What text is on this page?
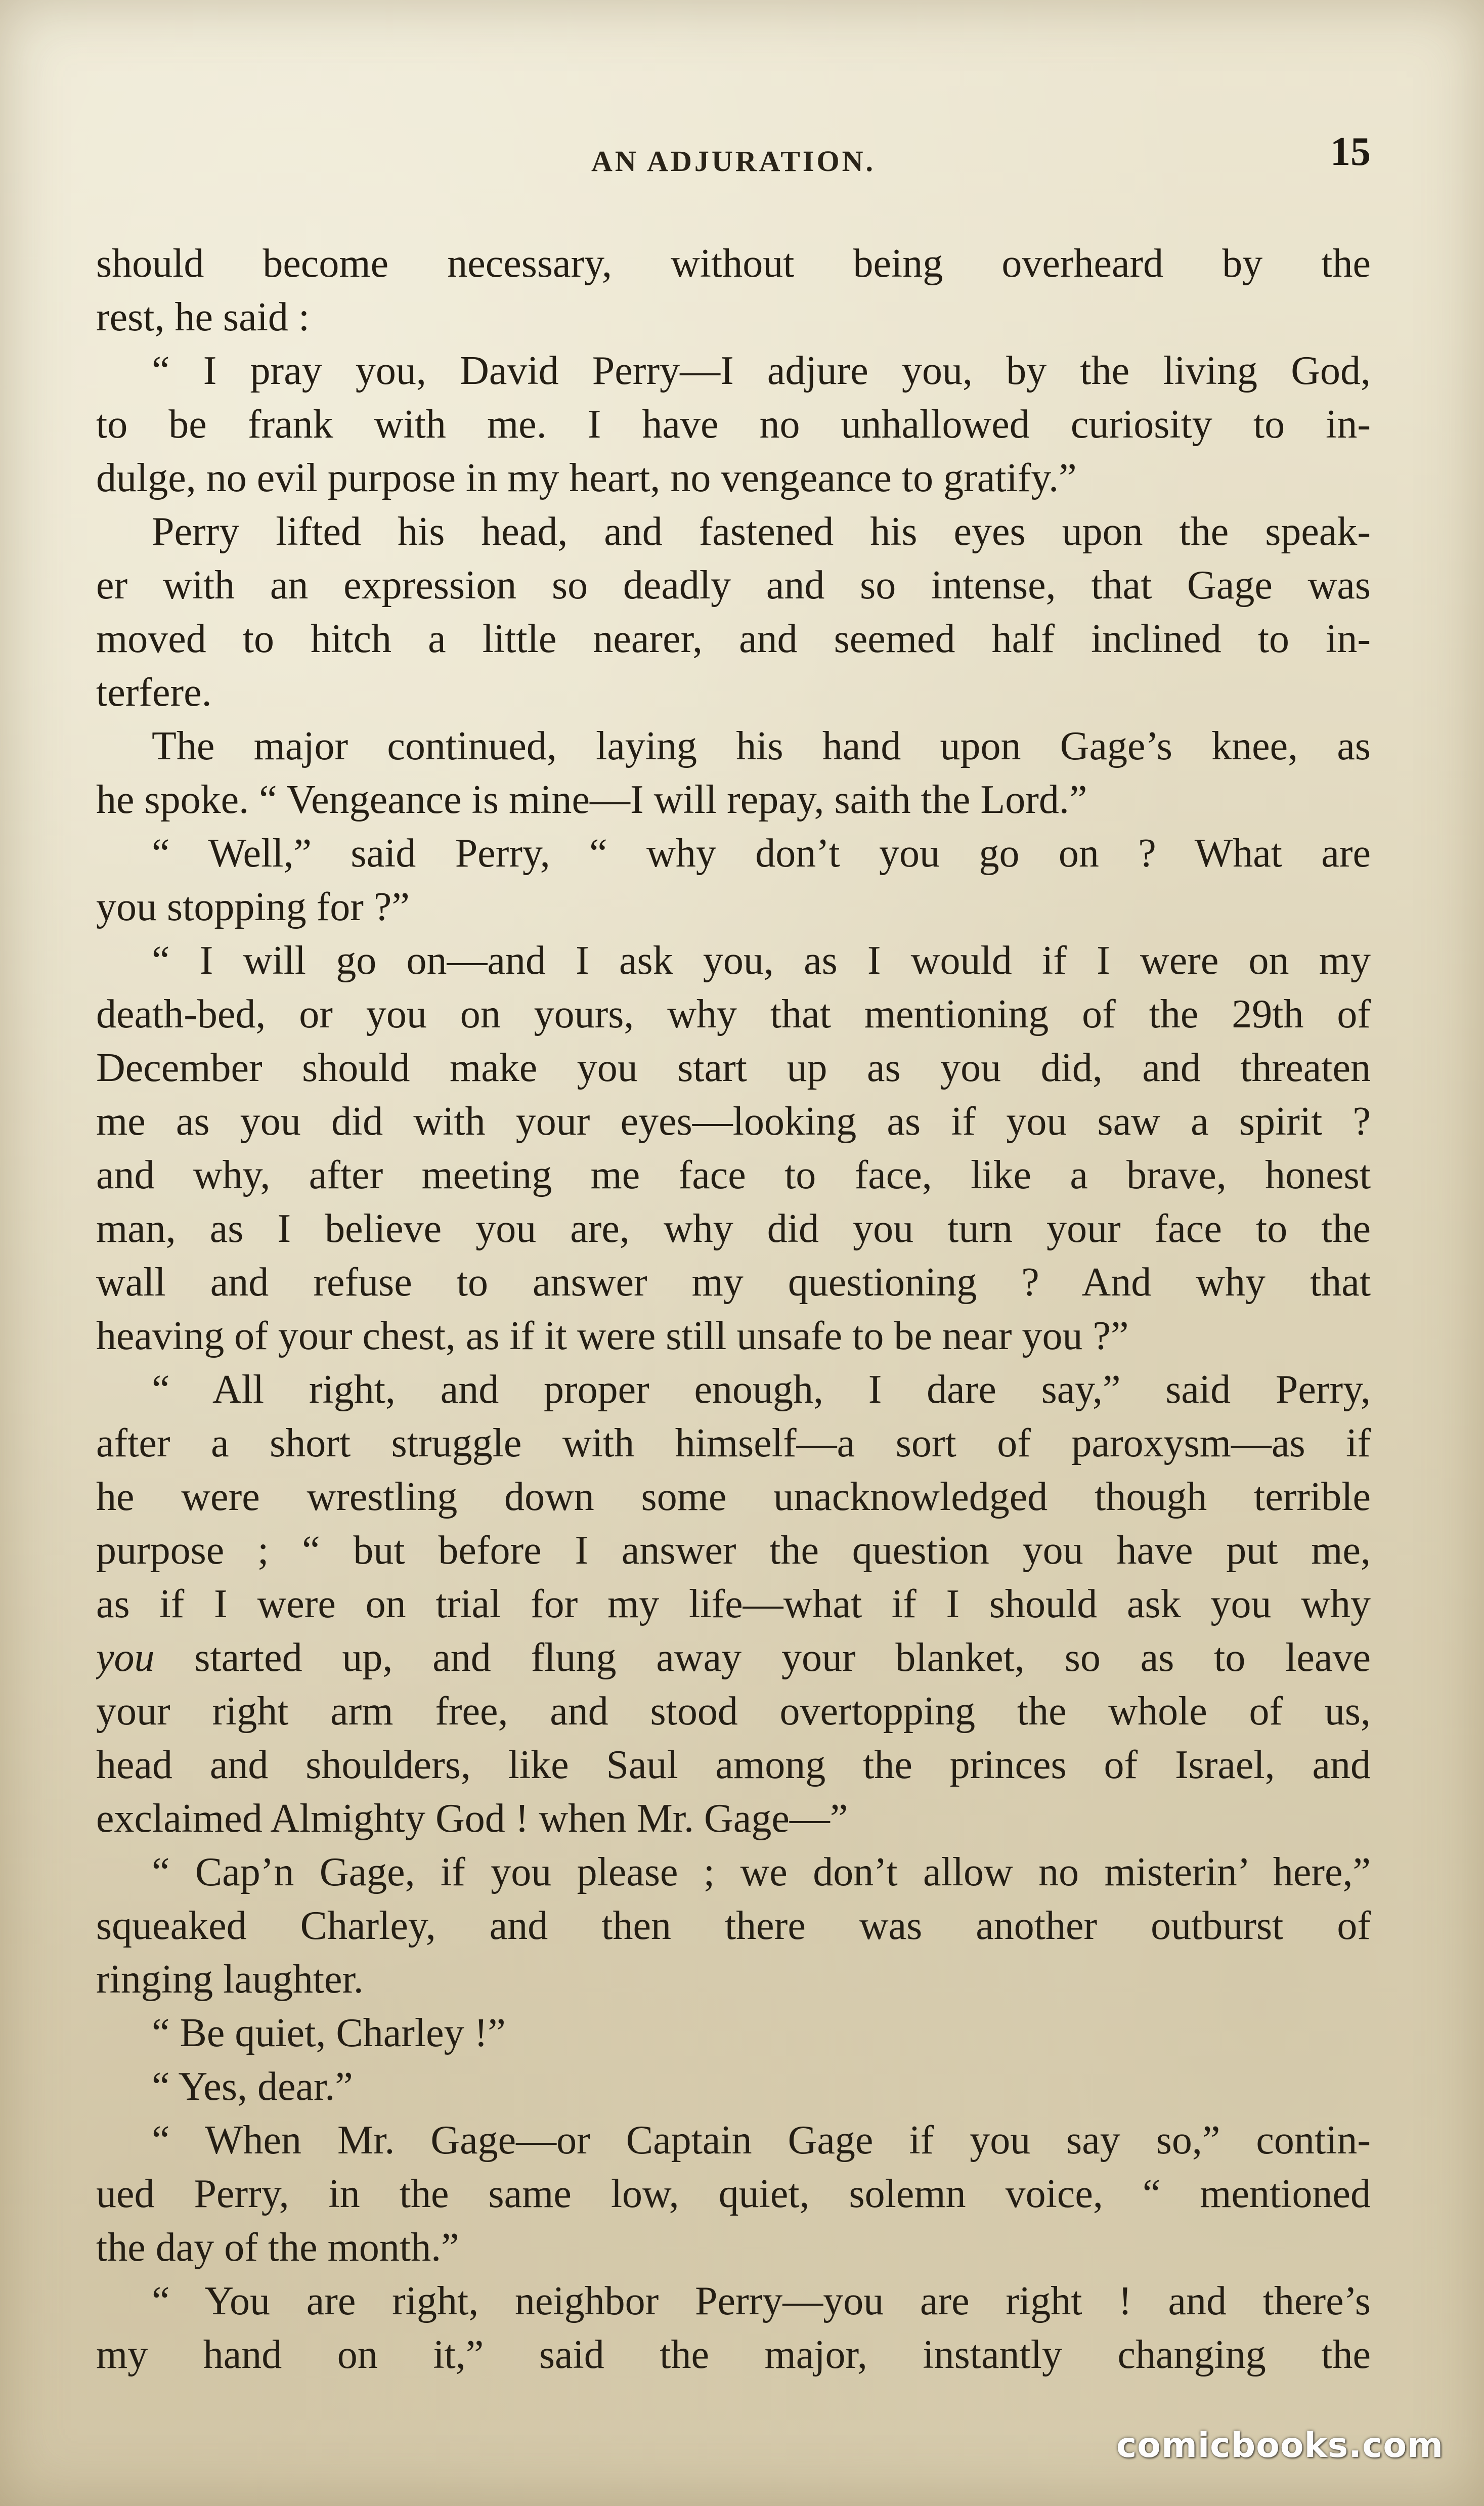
AN ADJURATION.	15
should become necessary, without being overheard by the
rest, he said :
“ I pray you, David Perry—I adjure you, by the living God,
to be frank with me. I have no unhallowed curiosity to in-
dulge, no evil purpose in my heart, no vengeance to gratify.”
Perry lifted his head, and fastened his eyes upon the speak-
er with an expression so deadly and so intense, that Gage was
moved to hitch a little nearer, and seemed half inclined to in-
terfere.
The major continued, laying his hand upon Gage’s knee, as
he spoke. “ Vengeance is mine—I will repay, saith the Lord.”
“ Well,” said Perry, “ why don’t you go on ? What are
you stopping for ?”
“ I will go on—and I ask you, as I would if I were on my
death-bed, or you on yours, why that mentioning of the 29th of
December should make you start up as you did, and threaten
me as you did with your eyes—looking as if you saw a spirit ?
and why, after meeting me face to face, like a brave, honest
man, as I believe you are, why did you turn your face to the
wall and refuse to answer my questioning ? And why that
heaving of your chest, as if it were still unsafe to be near you ?”
“ All right, and proper enough, I dare say,” said Perry,
after a short struggle with himself—a sort of paroxysm—as if
he were wrestling down some unacknowledged though terrible
purpose ; “ but before I answer the question you have put me,
as if I were on trial for my life—what if I should ask you why
you started up, and flung away your blanket, so as to leave
your right arm free, and stood overtopping the whole of us,
head and shoulders, like Saul among the princes of Israel, and
exclaimed Almighty God ! when Mr. Gage—”
“ Cap’n Gage, if you please ; we don’t allow no misterin’ here,”
squeaked Charley, and then there was another outburst of
ringing laughter.
“ Be quiet, Charley !”
“ Yes, dear.”
“ When Mr. Gage—or Captain Gage if you say so,” contin-
ued Perry, in the same low, quiet, solemn voice, “ mentioned
the day of the month.”
“ You are right, neighbor Perry—you are right ! and there’s
my hand on it,” said the major, instantly changing the
comicbooks.com
